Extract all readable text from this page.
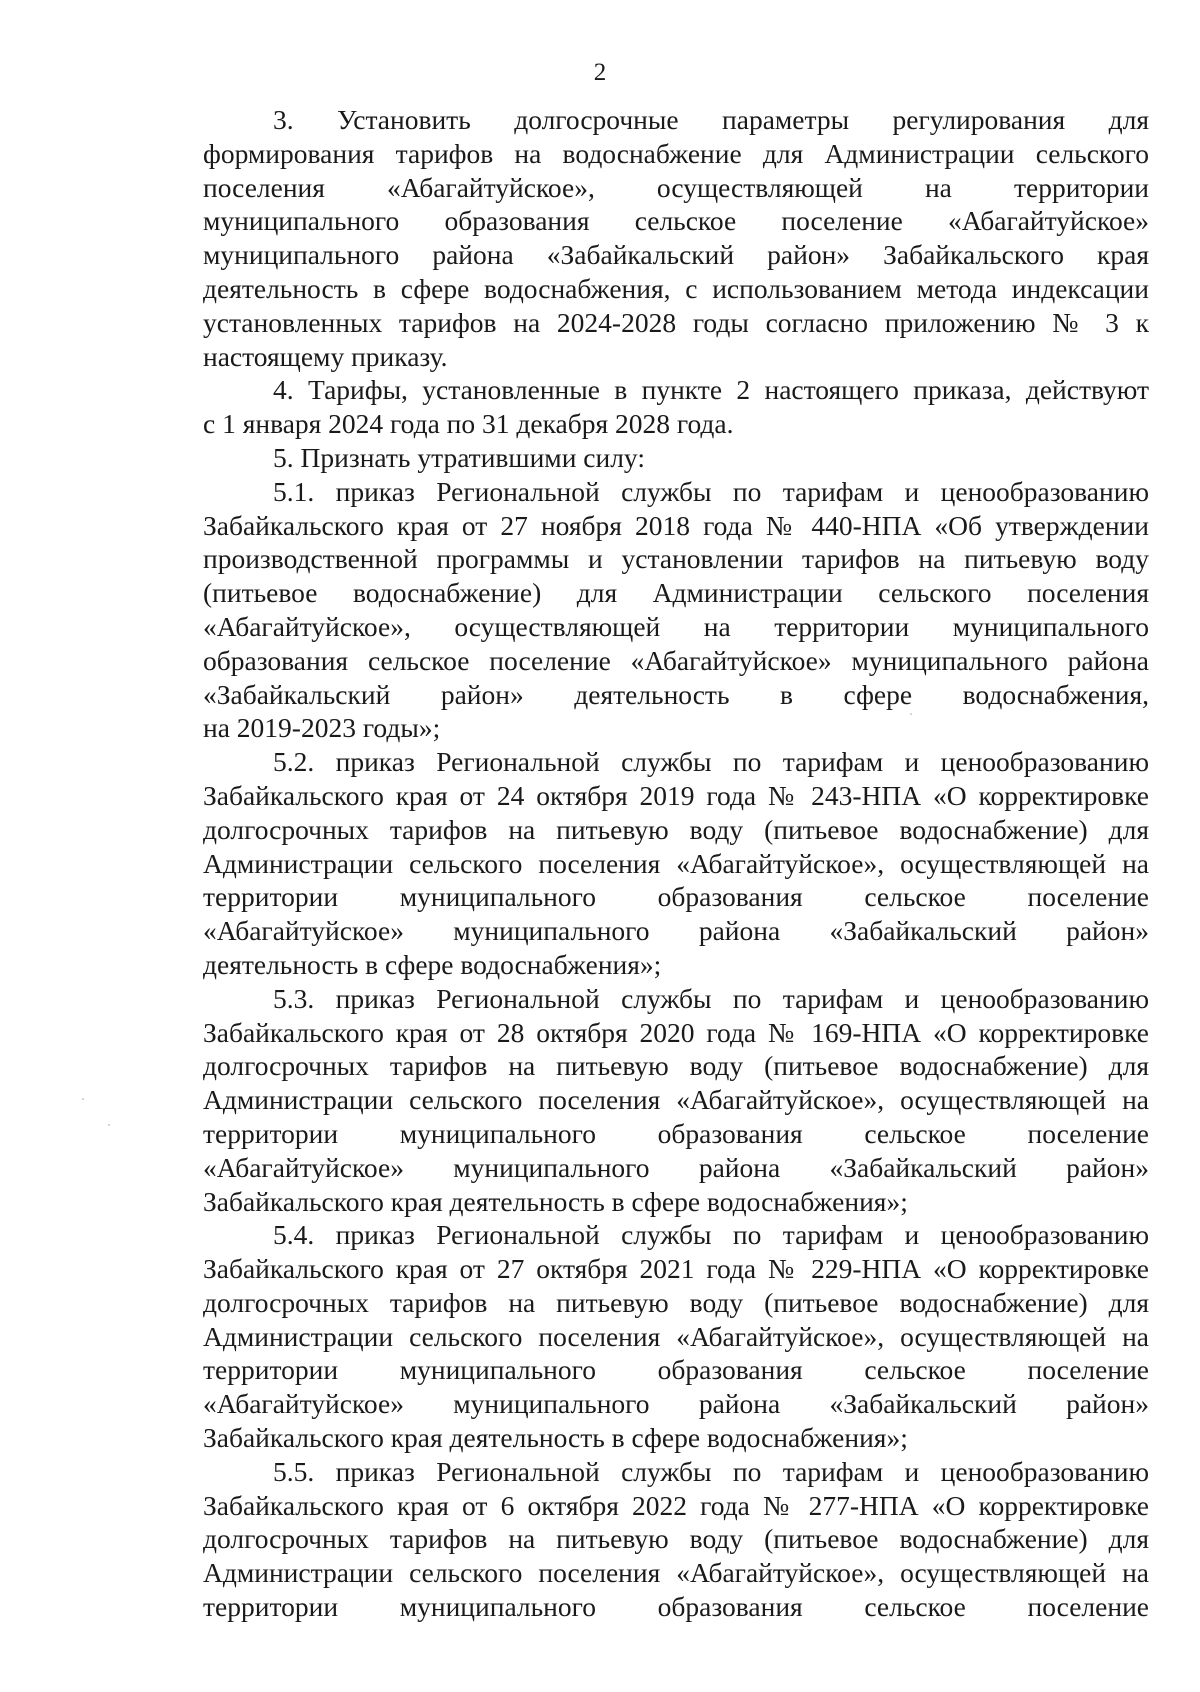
2
3. Установить долгосрочные параметры регулирования для
формирования тарифов на водоснабжение для Администрации сельского
поселения «Абагайтуйское», осуществляющей на территории
муниципального образования сельское поселение «Абагайтуйское»
муниципального района «Забайкальский район» Забайкальского края
деятельность в сфере водоснабжения, с использованием метода индексации
установленных тарифов на 2024-2028 годы согласно приложению № 3 к
настоящему приказу.
4. Тарифы, установленные в пункте 2 настоящего приказа, действуют
с 1 января 2024 года по 31 декабря 2028 года.
5. Признать утратившими силу:
5.1. приказ Региональной службы по тарифам и ценообразованию
Забайкальского края от 27 ноября 2018 года № 440-НПА «Об утверждении
производственной программы и установлении тарифов на питьевую воду
(питьевое водоснабжение) для Администрации сельского поселения
«Абагайтуйское», осуществляющей на территории муниципального
образования сельское поселение «Абагайтуйское» муниципального района
«Забайкальский район» деятельность в сфере водоснабжения,
на 2019-2023 годы»;
5.2. приказ Региональной службы по тарифам и ценообразованию
Забайкальского края от 24 октября 2019 года № 243-НПА «О корректировке
долгосрочных тарифов на питьевую воду (питьевое водоснабжение) для
Администрации сельского поселения «Абагайтуйское», осуществляющей на
территории муниципального образования сельское поселение
«Абагайтуйское» муниципального района «Забайкальский район»
деятельность в сфере водоснабжения»;
5.3. приказ Региональной службы по тарифам и ценообразованию
Забайкальского края от 28 октября 2020 года № 169-НПА «О корректировке
долгосрочных тарифов на питьевую воду (питьевое водоснабжение) для
Администрации сельского поселения «Абагайтуйское», осуществляющей на
территории муниципального образования сельское поселение
«Абагайтуйское» муниципального района «Забайкальский район»
Забайкальского края деятельность в сфере водоснабжения»;
5.4. приказ Региональной службы по тарифам и ценообразованию
Забайкальского края от 27 октября 2021 года № 229-НПА «О корректировке
долгосрочных тарифов на питьевую воду (питьевое водоснабжение) для
Администрации сельского поселения «Абагайтуйское», осуществляющей на
территории муниципального образования сельское поселение
«Абагайтуйское» муниципального района «Забайкальский район»
Забайкальского края деятельность в сфере водоснабжения»;
5.5. приказ Региональной службы по тарифам и ценообразованию
Забайкальского края от 6 октября 2022 года № 277-НПА «О корректировке
долгосрочных тарифов на питьевую воду (питьевое водоснабжение) для
Администрации сельского поселения «Абагайтуйское», осуществляющей на
территории муниципального образования сельское поселение
